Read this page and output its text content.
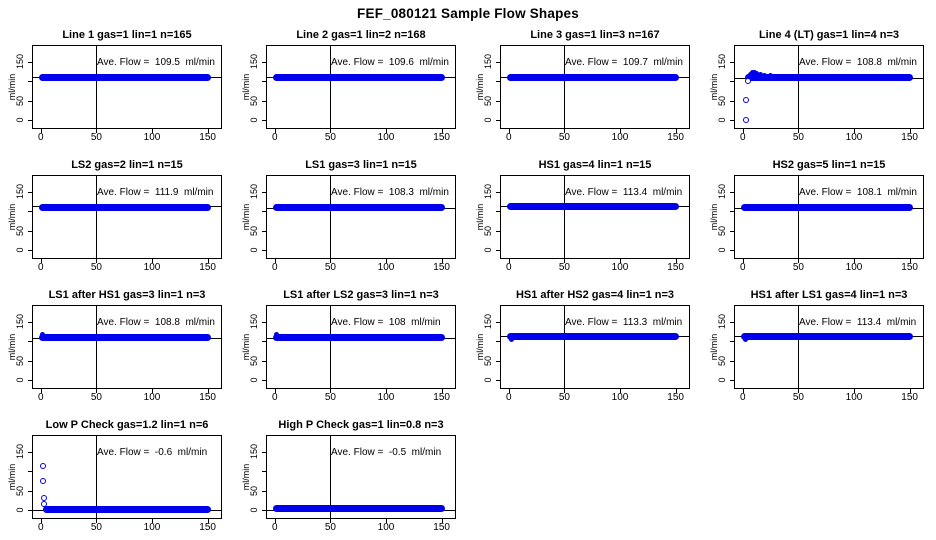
FEF_080121 Sample Flow Shapes
Line 1 gas=1 lin=1 n=165
Ave. Flow =  109.5  ml/min
ml/min
0	50	100	150
0
50
150
Line 2 gas=1 lin=2 n=168
Ave. Flow =  109.6  ml/min
ml/min
0	50	100	150
0
50
150
Line 3 gas=1 lin=3 n=167
Ave. Flow =  109.7  ml/min
ml/min
0	50	100	150
0
50
150
Line 4 (LT) gas=1 lin=4 n=3
Ave. Flow =  108.8  ml/min
ml/min
0	50	100	150
0
50
150
LS2 gas=2 lin=1 n=15
Ave. Flow =  111.9  ml/min
ml/min
0	50	100	150
0
50
150
LS1 gas=3 lin=1 n=15
Ave. Flow =  108.3  ml/min
ml/min
0	50	100	150
0
50
150
HS1 gas=4 lin=1 n=15
Ave. Flow =  113.4  ml/min
ml/min
0	50	100	150
0
50
150
HS2 gas=5 lin=1 n=15
Ave. Flow =  108.1  ml/min
ml/min
0	50	100	150
0
50
150
LS1 after HS1 gas=3 lin=1 n=3
Ave. Flow =  108.8  ml/min
ml/min
0	50	100	150
0
50
150
LS1 after LS2 gas=3 lin=1 n=3
Ave. Flow =  108  ml/min
ml/min
0	50	100	150
0
50
150
HS1 after HS2 gas=4 lin=1 n=3
Ave. Flow =  113.3  ml/min
ml/min
0	50	100	150
0
50
150
HS1 after LS1 gas=4 lin=1 n=3
Ave. Flow =  113.4  ml/min
ml/min
0	50	100	150
0
50
150
Low P Check gas=1.2 lin=1 n=6
Ave. Flow =  -0.6  ml/min
ml/min
0	50	100	150
0
50
150
High P Check gas=1 lin=0.8 n=3
Ave. Flow =  -0.5  ml/min
ml/min
0	50	100	150
0
50
150
